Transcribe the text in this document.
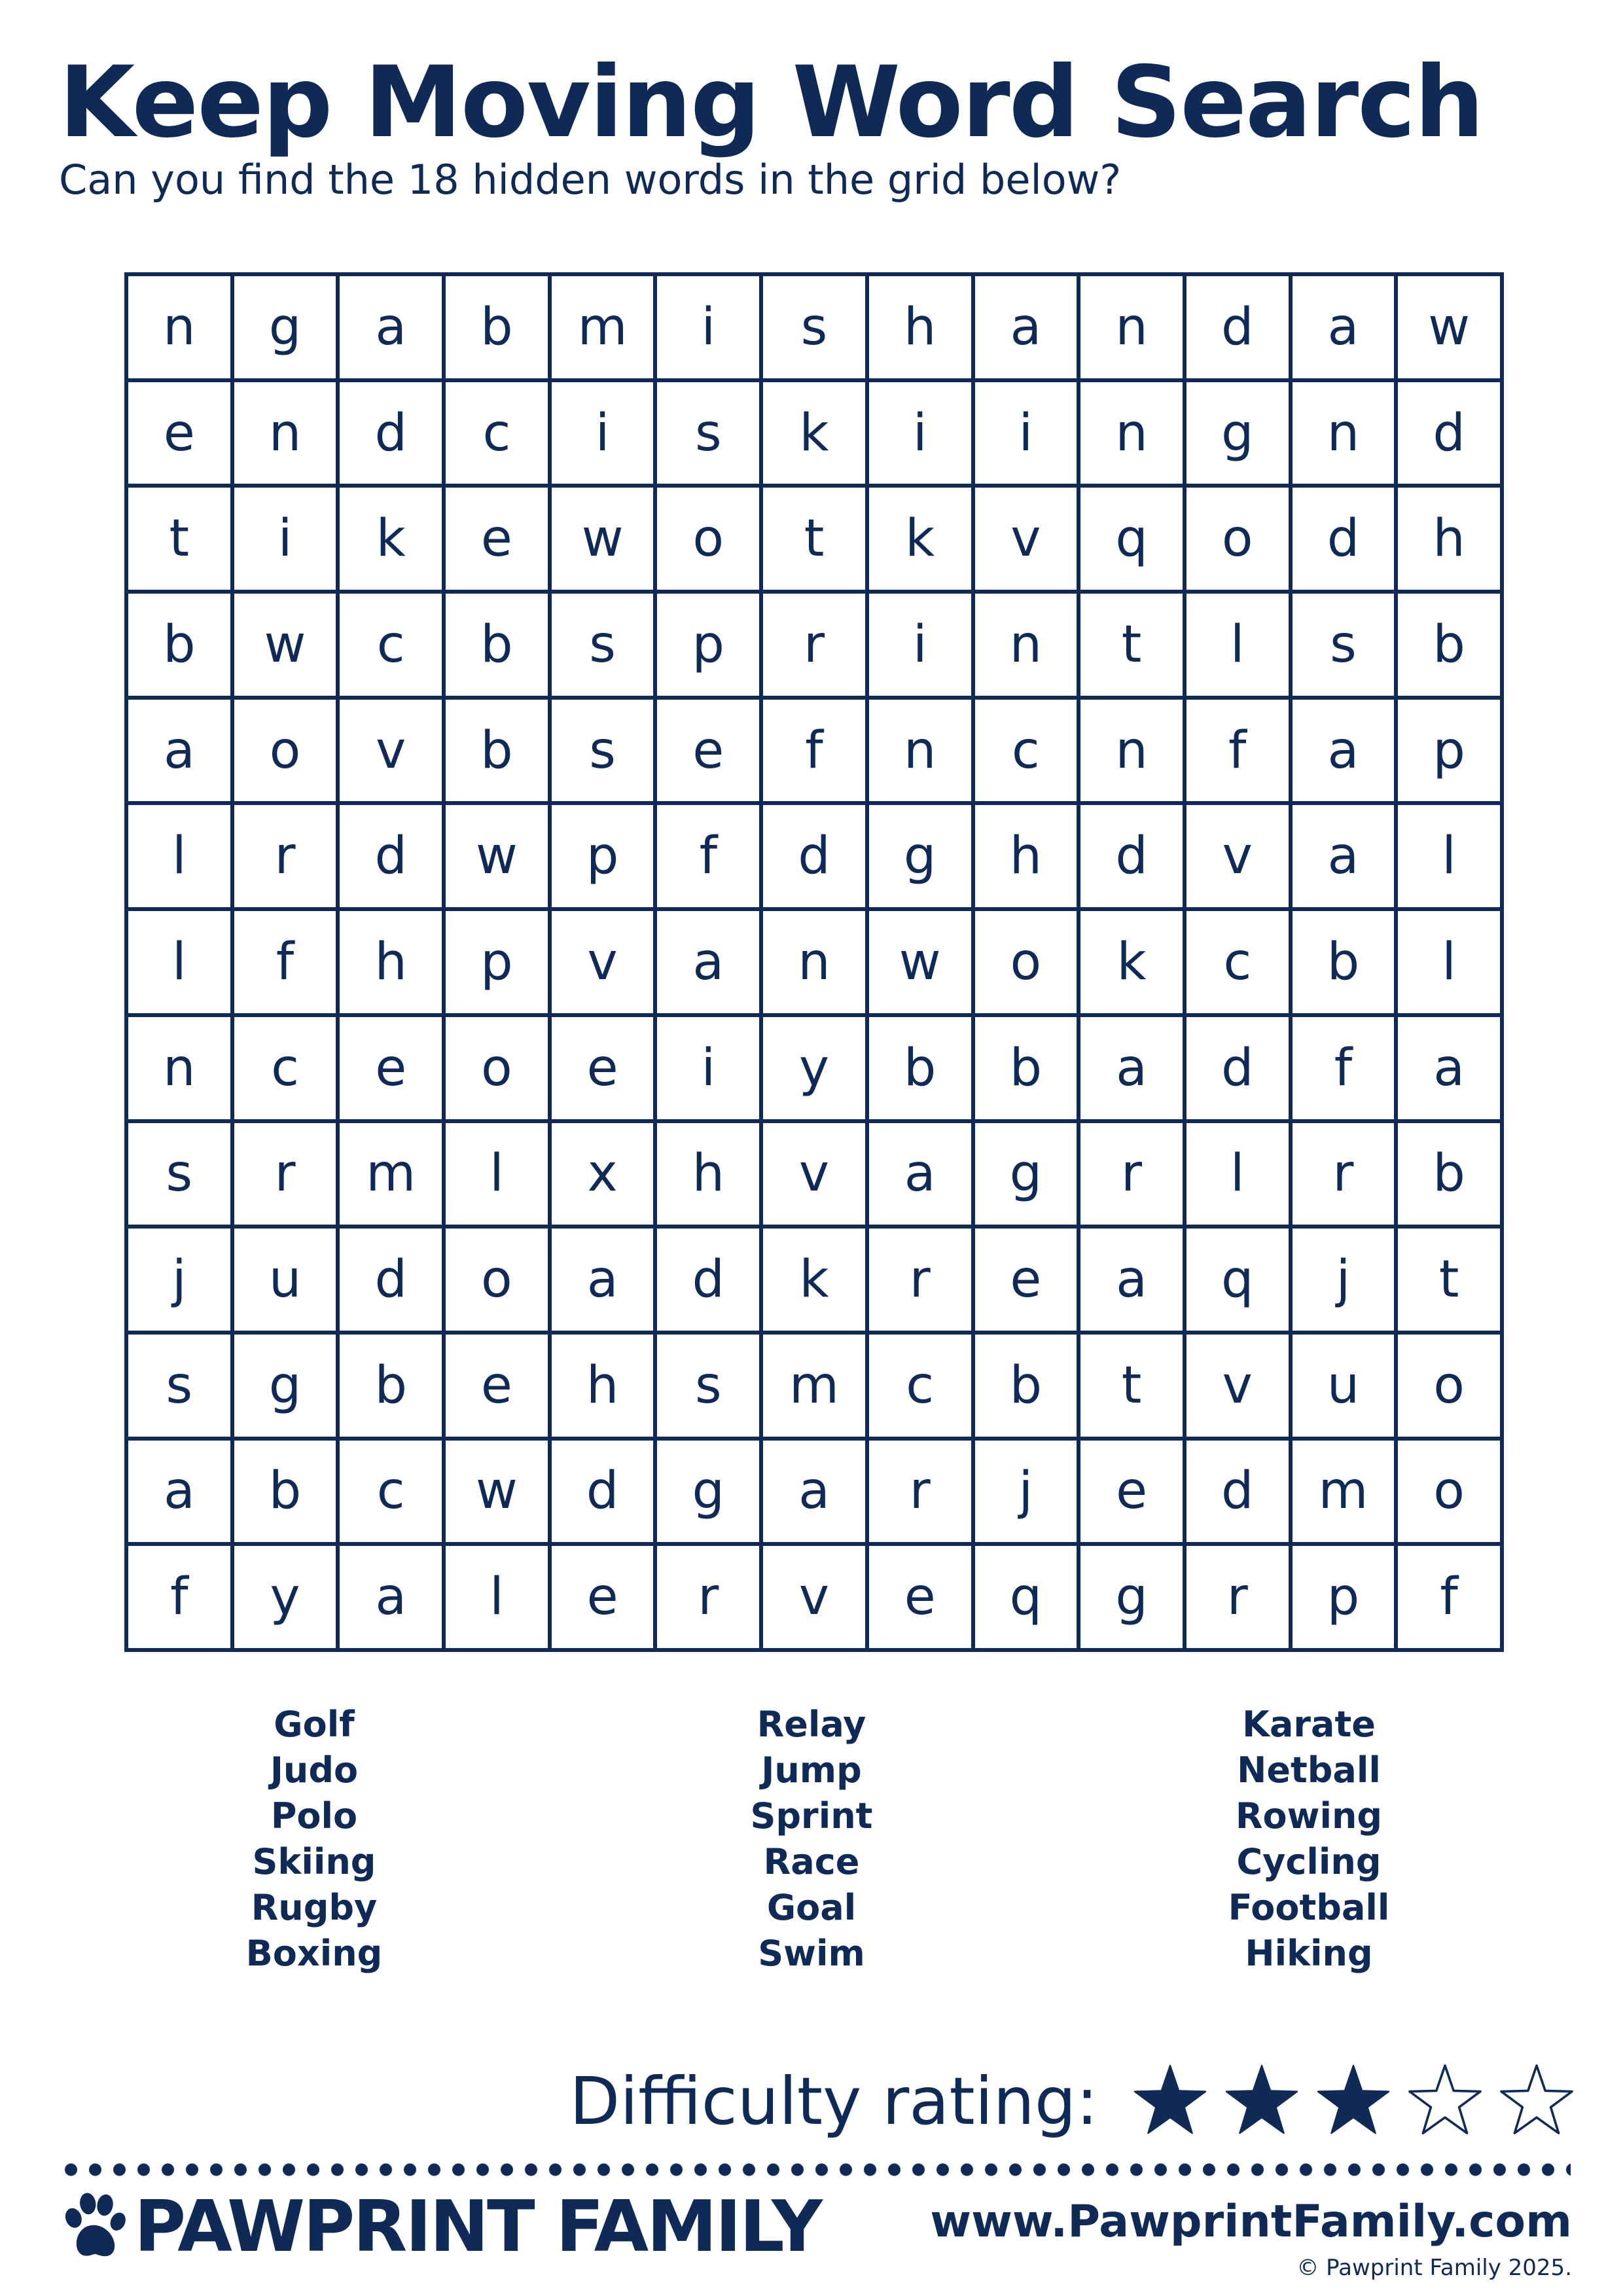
Keep Moving Word Search
Can you find the 18 hidden words in the grid below?
n	g	a	b	m	i	s	h	a	n	d	a	w
e	n	d	c	i	s	k	i	i	n	g	n	d
t	i	k	e	w	o	t	k	v	q	o	d	h
b	w	c	b	s	p	r	i	n	t	l	s	b
a	o	v	b	s	e	f	n	c	n	f	a	p
l	r	d	w	p	f	d	g	h	d	v	a	l
l	f	h	p	v	a	n	w	o	k	c	b	l
n	c	e	o	e	i	y	b	b	a	d	f	a
s	r	m	l	x	h	v	a	g	r	l	r	b
j	u	d	o	a	d	k	r	e	a	q	j	t
s	g	b	e	h	s	m	c	b	t	v	u	o
a	b	c	w	d	g	a	r	j	e	d	m	o
f	y	a	l	e	r	v	e	q	g	r	p	f
Golf
Judo
Polo
Skiing
Rugby
Boxing
Relay
Jump
Sprint
Race
Goal
Swim
Karate
Netball
Rowing
Cycling
Football
Hiking
Difficulty rating:
PAWPRINT FAMILY www.PawprintFamily.com
© Pawprint Family 2025.
